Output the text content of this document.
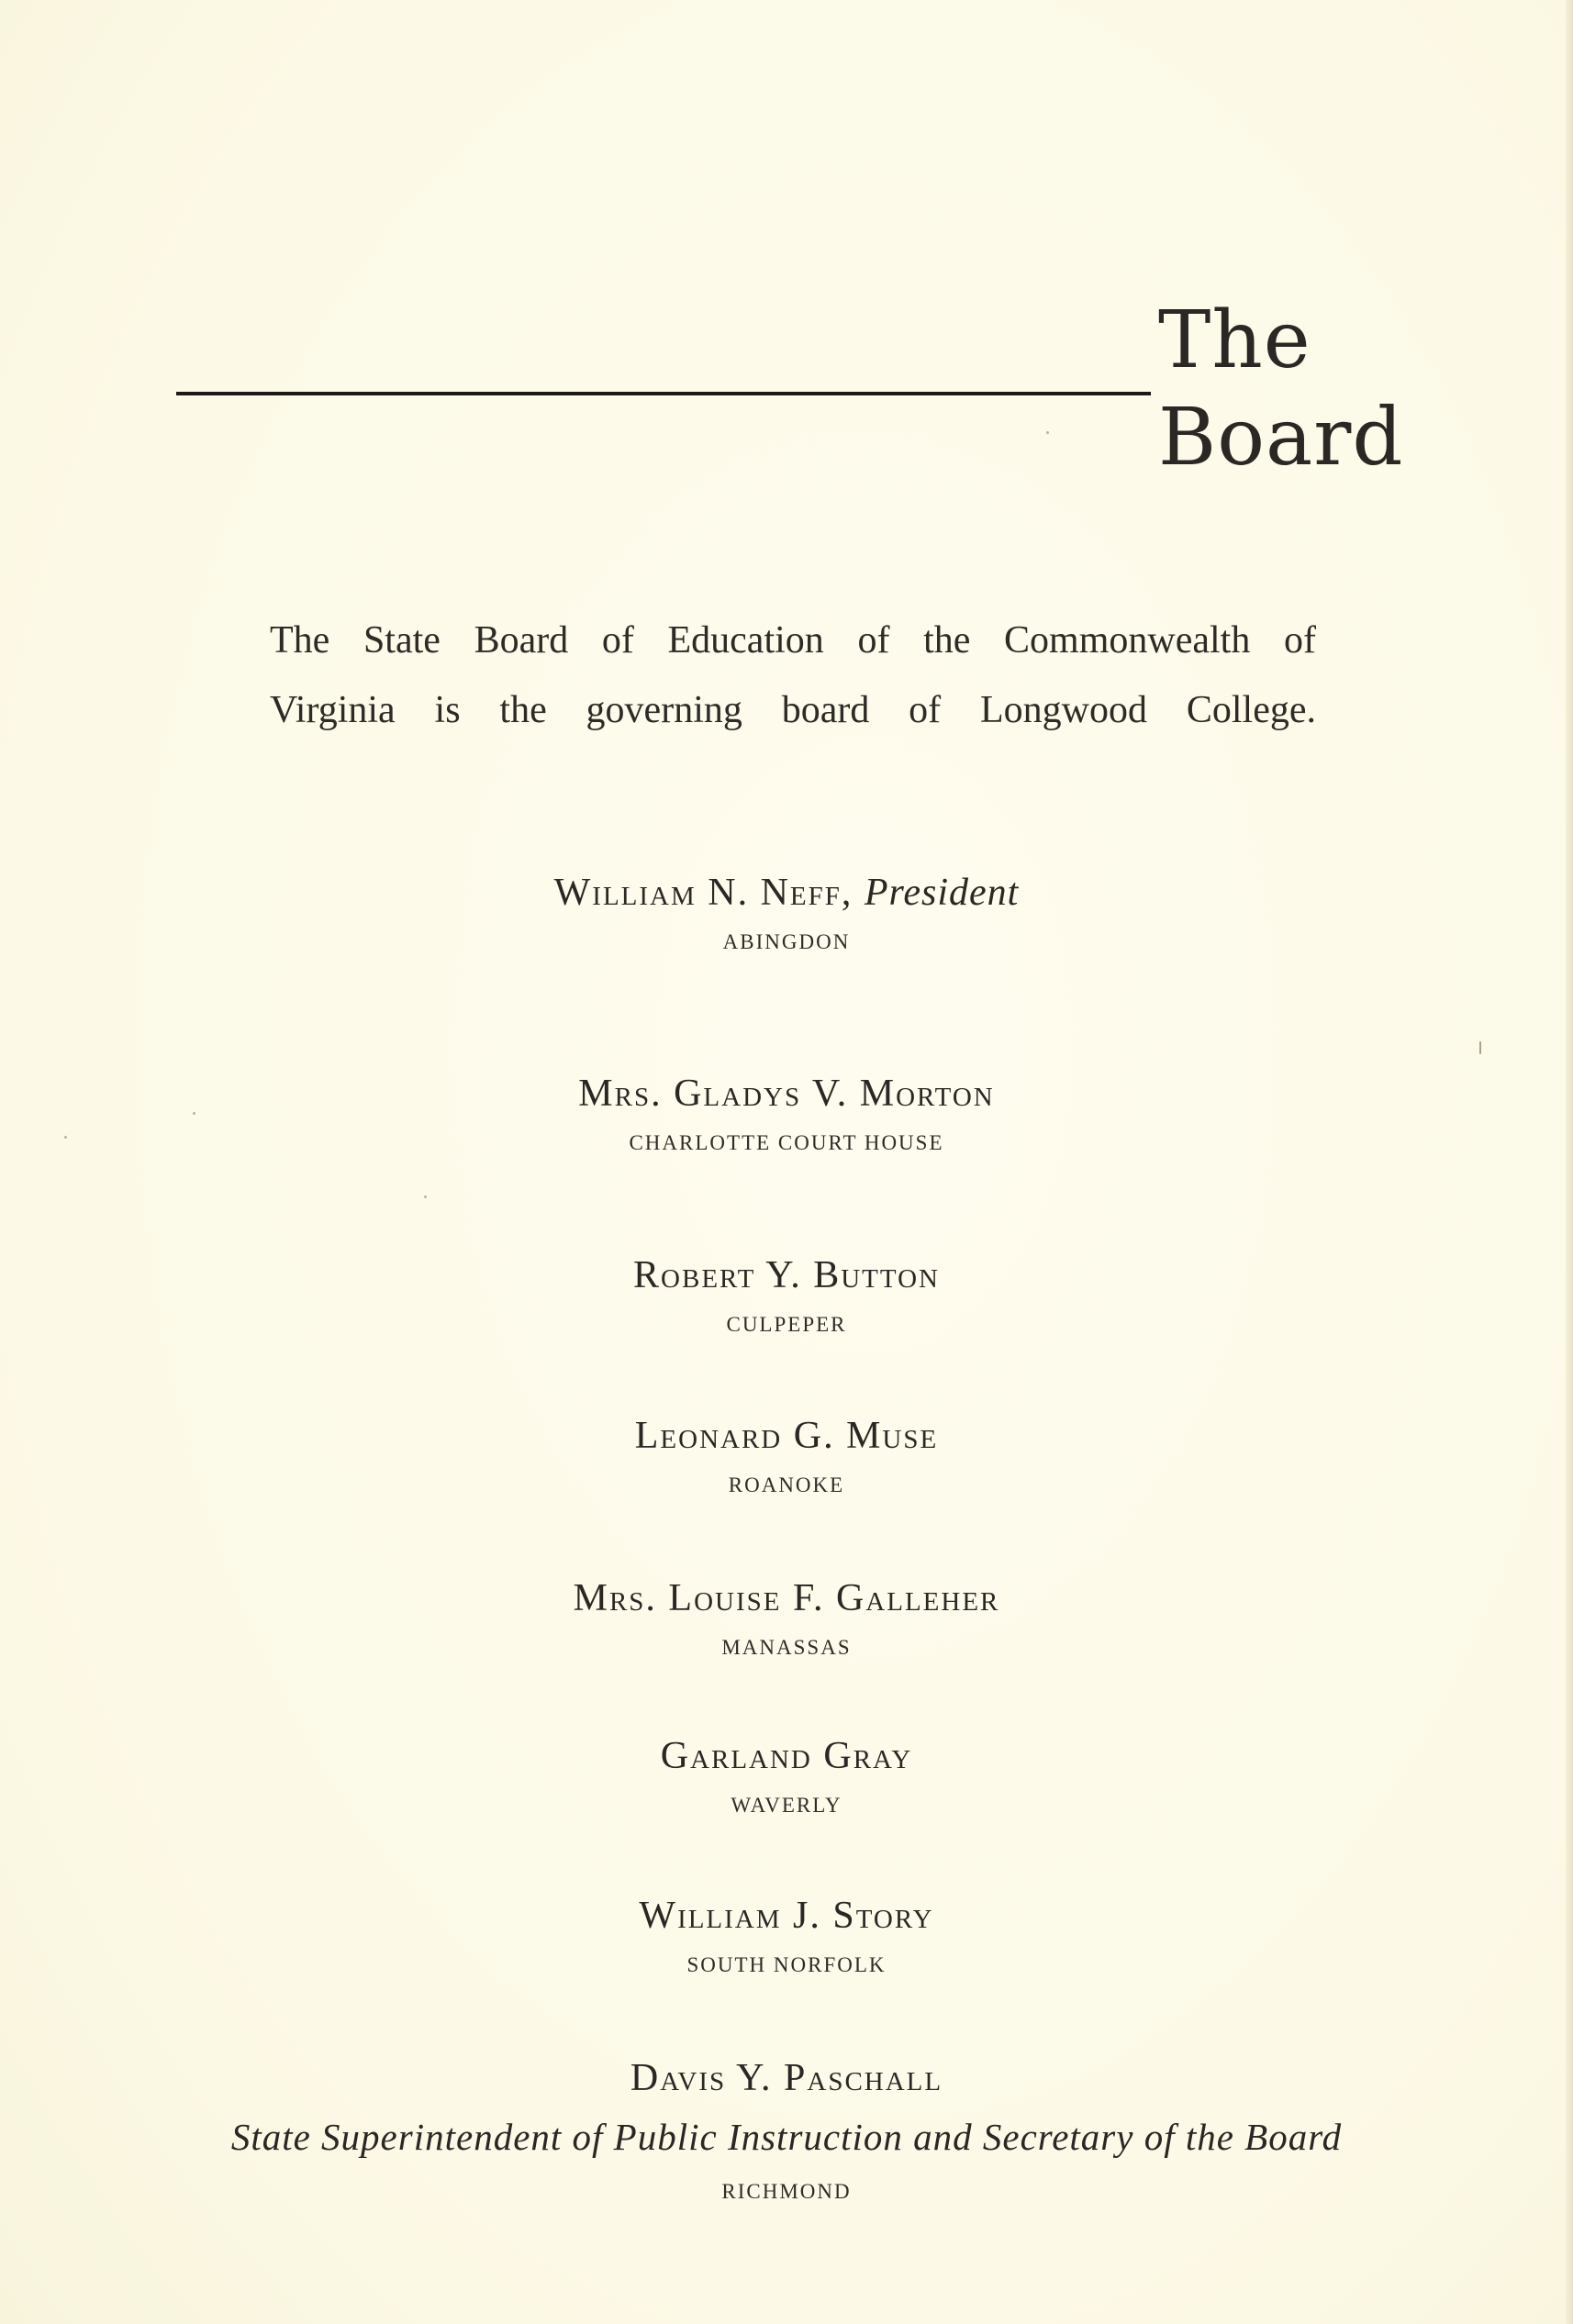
The
Board
The State Board of Education of the Commonwealth of
Virginia is the governing board of Longwood College.
William N. Neff, President
ABINGDON
Mrs. Gladys V. Morton
CHARLOTTE COURT HOUSE
Robert Y. Button
CULPEPER
Leonard G. Muse
ROANOKE
Mrs. Louise F. Galleher
MANASSAS
Garland Gray
WAVERLY
William J. Story
SOUTH NORFOLK
Davis Y. Paschall
State Superintendent of Public Instruction and Secretary of the Board
RICHMOND
